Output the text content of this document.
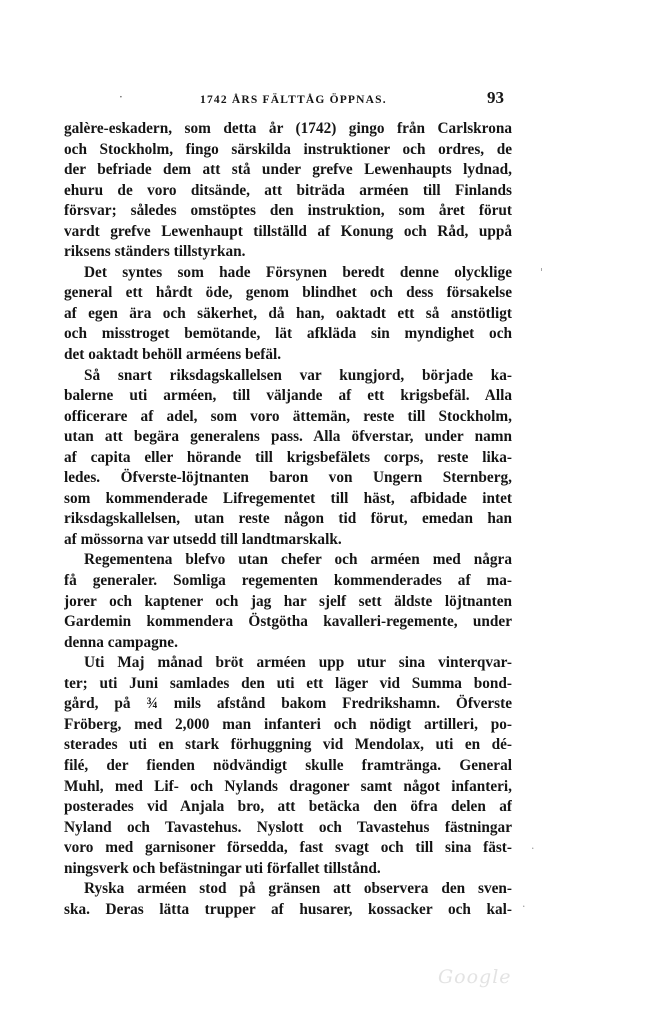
·	1742 ÅRS FÄLTTÅG ÖPPNAS.	93
galère-eskadern, som detta år (1742) gingo från Carlskrona
och Stockholm, fingo särskilda instruktioner och ordres, de
der befriade dem att stå under grefve Lewenhaupts lydnad,
ehuru de voro ditsände, att biträda arméen till Finlands
försvar; således omstöptes den instruktion, som året förut
vardt grefve Lewenhaupt tillställd af Konung och Råd, uppå
riksens ständers tillstyrkan.
Det syntes som hade Försynen beredt denne olycklige
general ett hårdt öde, genom blindhet och dess försakelse
af egen ära och säkerhet, då han, oaktadt ett så anstötligt
och misstroget bemötande, lät afkläda sin myndighet och
det oaktadt behöll arméens befäl.
Så snart riksdagskallelsen var kungjord, började ka-
balerne uti arméen, till väljande af ett krigsbefäl. Alla
officerare af adel, som voro ättemän, reste till Stockholm,
utan att begära generalens pass. Alla öfverstar, under namn
af capita eller hörande till krigsbefälets corps, reste lika-
ledes. Öfverste-löjtnanten baron von Ungern Sternberg,
som kommenderade Lifregementet till häst, afbidade intet
riksdagskallelsen, utan reste någon tid förut, emedan han
af mössorna var utsedd till landtmarskalk.
Regementena blefvo utan chefer och arméen med några
få generaler. Somliga regementen kommenderades af ma-
jorer och kaptener och jag har sjelf sett äldste löjtnanten
Gardemin kommendera Östgötha kavalleri-regemente, under
denna campagne.
Uti Maj månad bröt arméen upp utur sina vinterqvar-
ter; uti Juni samlades den uti ett läger vid Summa bond-
gård, på ¾ mils afstånd bakom Fredrikshamn. Öfverste
Fröberg, med 2,000 man infanteri och nödigt artilleri, po-
sterades uti en stark förhuggning vid Mendolax, uti en dé-
filé, der fienden nödvändigt skulle framtränga. General
Muhl, med Lif- och Nylands dragoner samt något infanteri,
posterades vid Anjala bro, att betäcka den öfra delen af
Nyland och Tavastehus. Nyslott och Tavastehus fästningar
voro med garnisoner försedda, fast svagt och till sina fäst-
ningsverk och befästningar uti förfallet tillstånd.
Ryska arméen stod på gränsen att observera den sven-
ska. Deras lätta trupper af husarer, kossacker och kal-
'
·
·
Google
